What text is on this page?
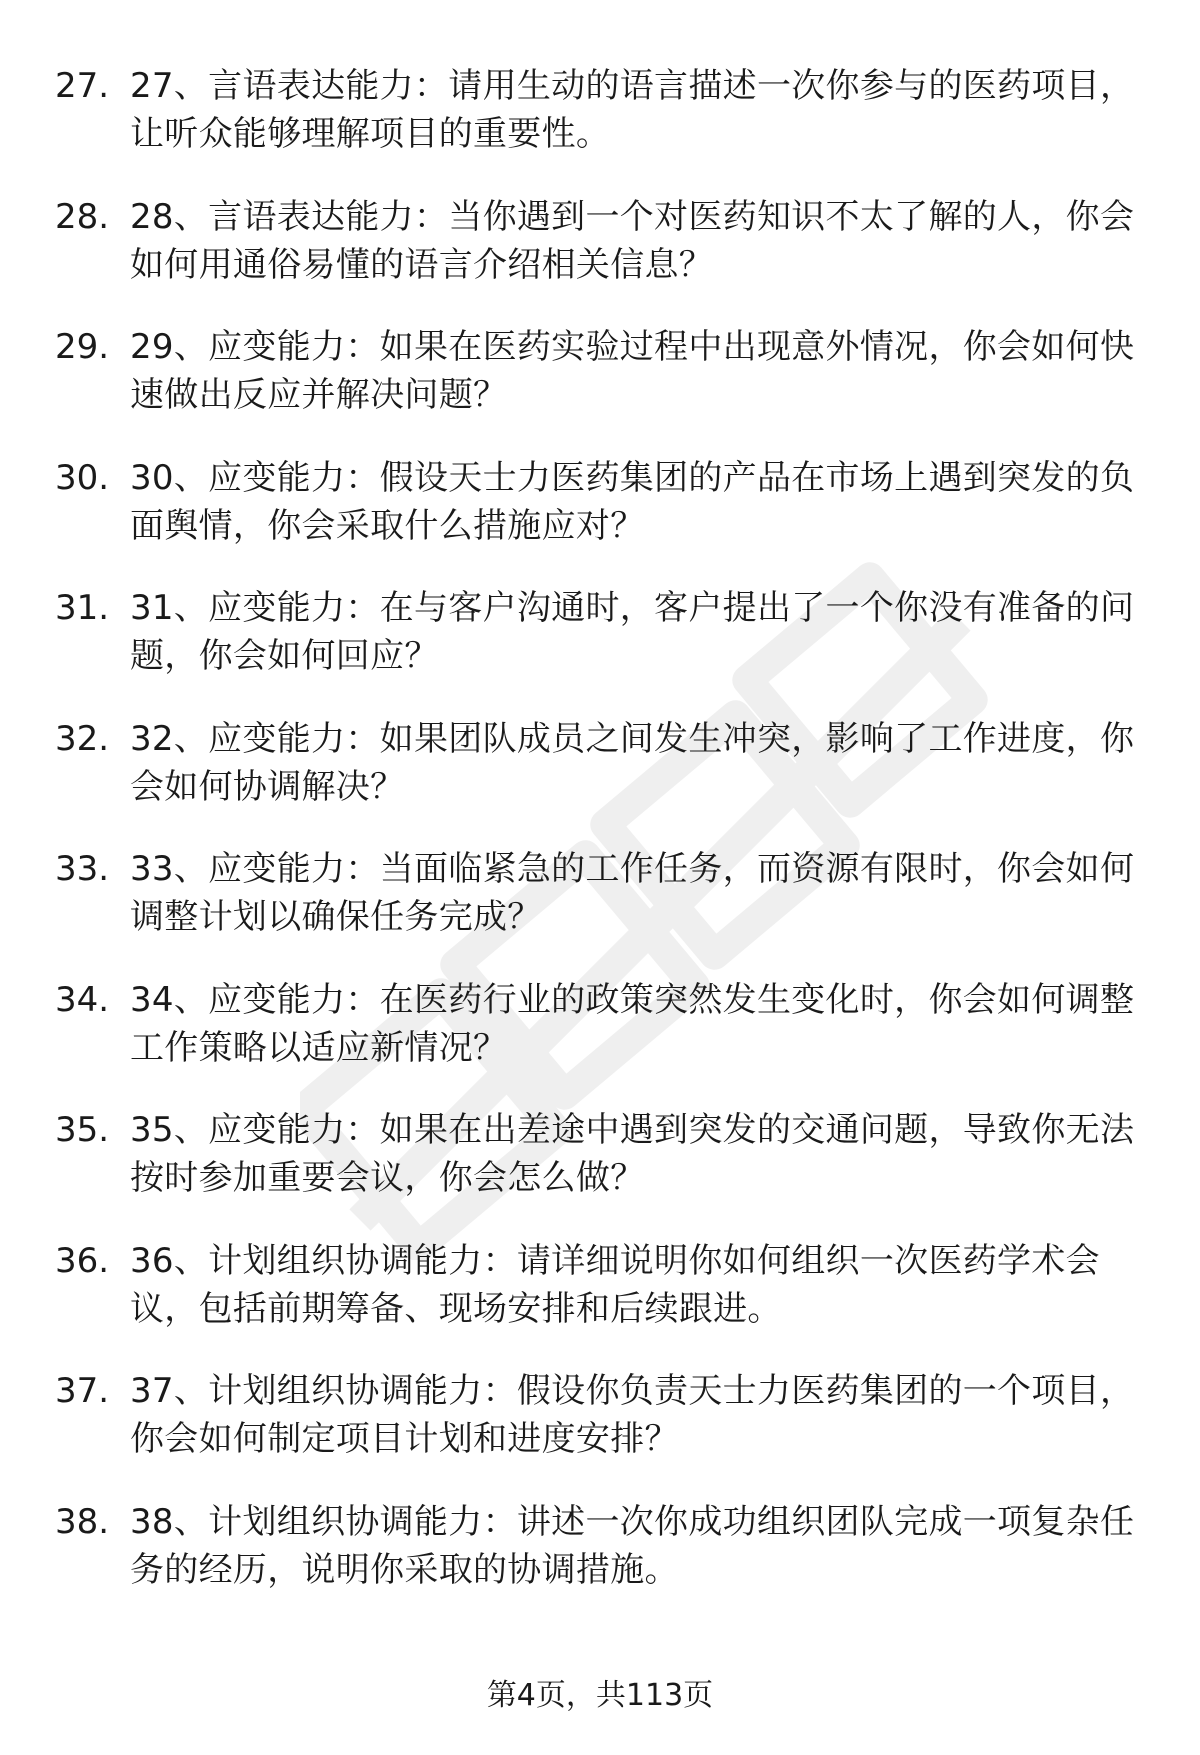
27. 27、言语表达能力：请用生动的语言描述一次你参与的医药项目，让听众能够理解项目的重要性。
28. 28、言语表达能力：当你遇到一个对医药知识不太了解的人，你会如何用通俗易懂的语言介绍相关信息？
29. 29、应变能力：如果在医药实验过程中出现意外情况，你会如何快速做出反应并解决问题？
30. 30、应变能力：假设天士力医药集团的产品在市场上遇到突发的负面舆情，你会采取什么措施应对？
31. 31、应变能力：在与客户沟通时，客户提出了一个你没有准备的问题，你会如何回应？
32. 32、应变能力：如果团队成员之间发生冲突，影响了工作进度，你会如何协调解决？
33. 33、应变能力：当面临紧急的工作任务，而资源有限时，你会如何调整计划以确保任务完成？
34. 34、应变能力：在医药行业的政策突然发生变化时，你会如何调整工作策略以适应新情况？
35. 35、应变能力：如果在出差途中遇到突发的交通问题，导致你无法按时参加重要会议，你会怎么做？
36. 36、计划组织协调能力：请详细说明你如何组织一次医药学术会议，包括前期筹备、现场安排和后续跟进。
37. 37、计划组织协调能力：假设你负责天士力医药集团的一个项目，你会如何制定项目计划和进度安排？
38. 38、计划组织协调能力：讲述一次你成功组织团队完成一项复杂任务的经历，说明你采取的协调措施。
第4页，共113页
